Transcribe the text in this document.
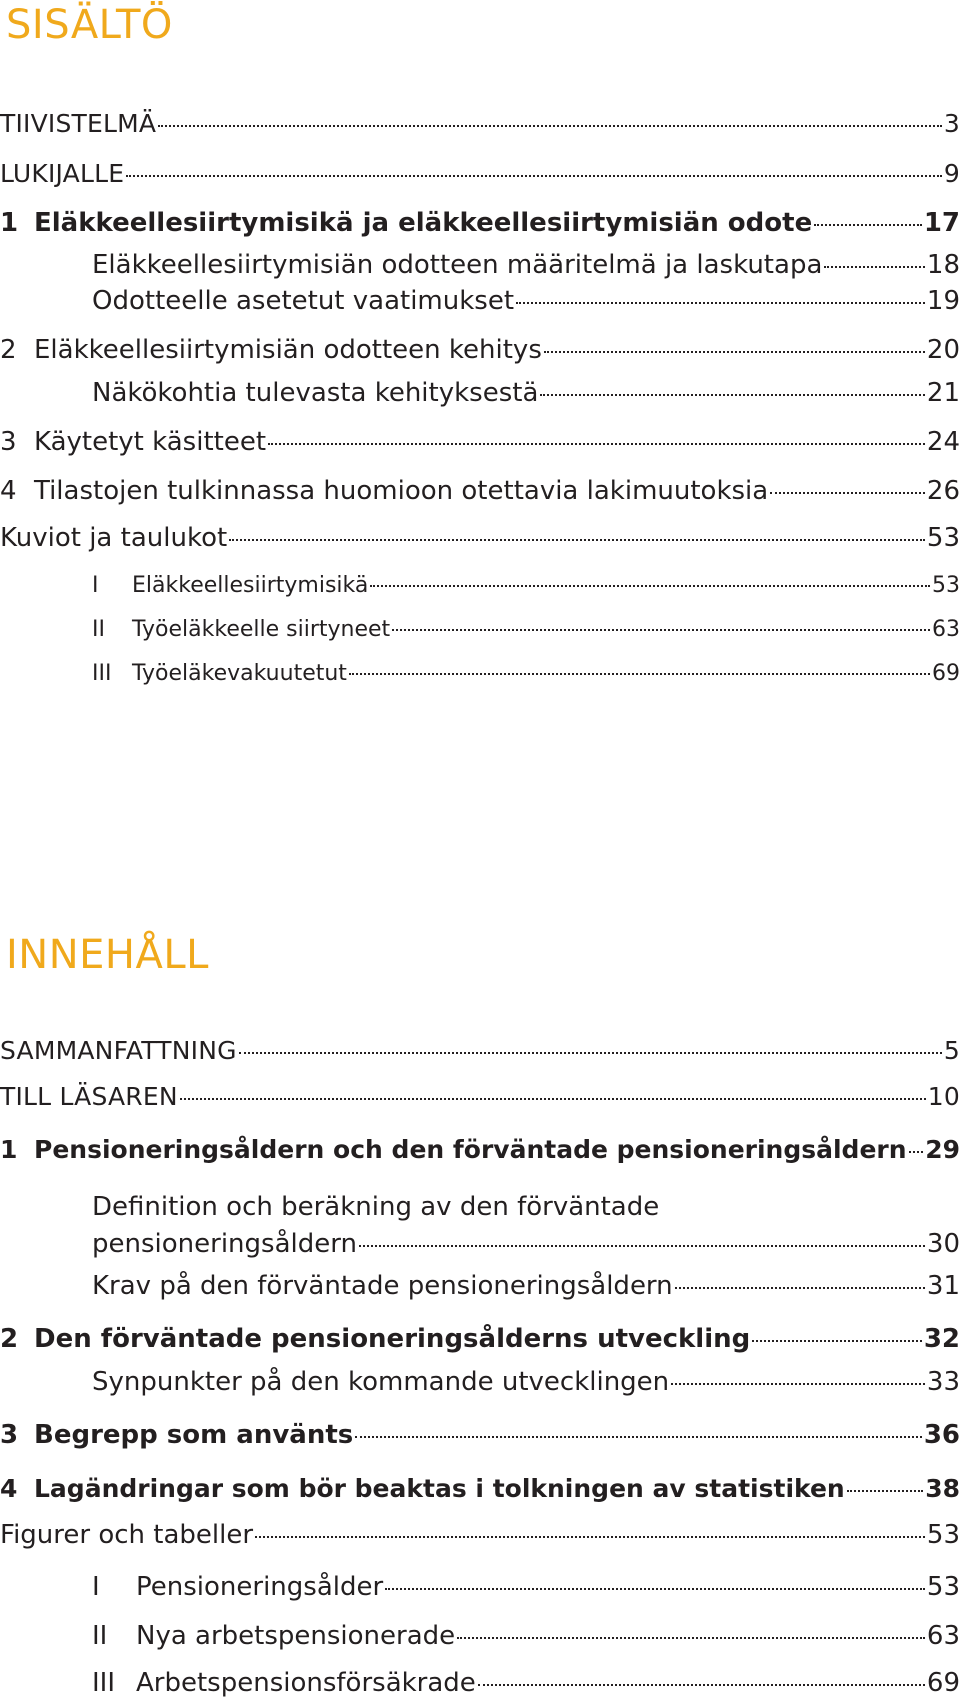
SISÄLTÖ
TIIVISTELMÄ	3
LUKIJALLE	9
1 Eläkkeellesiirtymisikä ja eläkkeellesiirtymisiän odote	17
Eläkkeellesiirtymisiän odotteen määritelmä ja laskutapa	18
Odotteelle asetetut vaatimukset	19
2 Eläkkeellesiirtymisiän odotteen kehitys	20
Näkökohtia tulevasta kehityksestä	21
3 Käytetyt käsitteet	24
4 Tilastojen tulkinnassa huomioon otettavia lakimuutoksia	26
Kuviot ja taulukot	53
I	Eläkkeellesiirtymisikä	53
II	Työeläkkeelle siirtyneet	63
III Työeläkevakuutetut	69
INNEHÅLL
SAMMANFATTNING	5
TILL LÄSAREN	10
1 Pensioneringsåldern och den förväntade pensioneringsåldern 29
Definition och beräkning av den förväntade
pensioneringsåldern	30
Krav på den förväntade pensioneringsåldern	31
2 Den förväntade pensioneringsålderns utveckling	32
Synpunkter på den kommande utvecklingen	33
3 Begrepp som använts	36
4 Lagändringar som bör beaktas i tolkningen av statistiken	38
Figurer och tabeller	53
I	Pensioneringsålder	53
II	Nya arbetspensionerade	63
III Arbetspensionsförsäkrade	69
